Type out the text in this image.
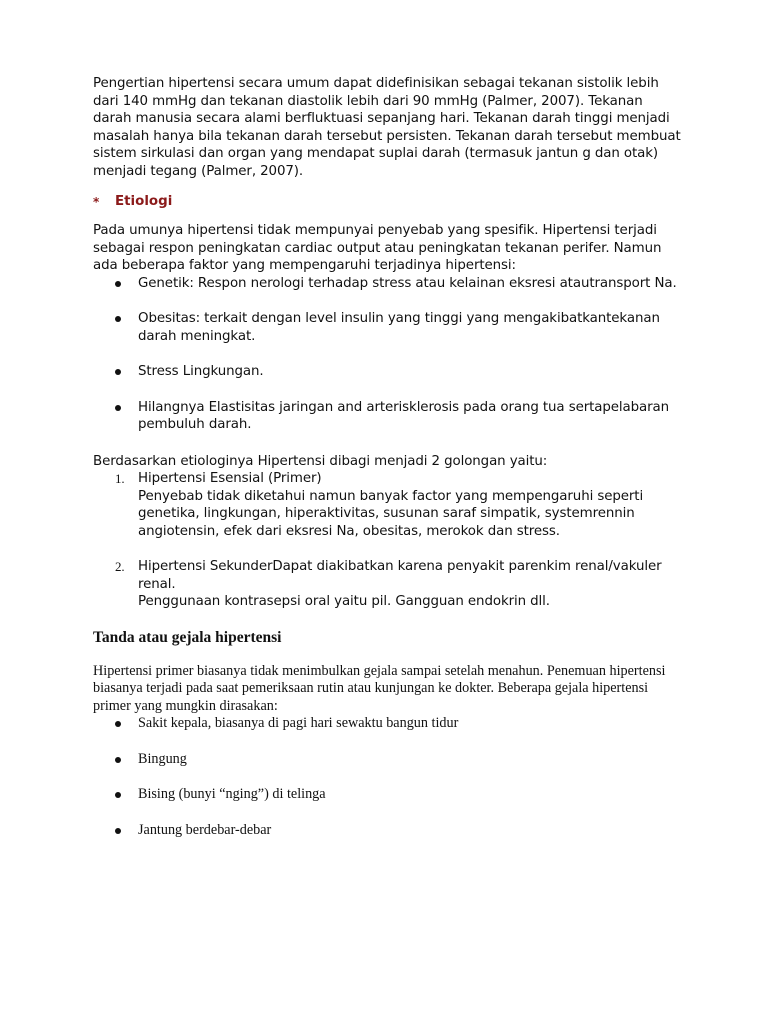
Pengertian hipertensi secara umum dapat didefinisikan sebagai tekanan sistolik lebih dari 140 mmHg dan tekanan diastolik lebih dari 90 mmHg (Palmer, 2007). Tekanan darah manusia secara alami berfluktuasi sepanjang hari. Tekanan darah tinggi menjadi masalah hanya bila tekanan darah tersebut persisten. Tekanan darah tersebut membuat sistem sirkulasi dan organ yang mendapat suplai darah (termasuk jantun g dan otak) menjadi tegang (Palmer, 2007).

*	Etiologi

Pada umunya hipertensi tidak mempunyai penyebab yang spesifik. Hipertensi terjadi sebagai respon peningkatan cardiac output atau peningkatan tekanan perifer. Namun ada beberapa faktor yang mempengaruhi terjadinya hipertensi:

Genetik: Respon nerologi terhadap stress atau kelainan eksresi atautransport Na.
Obesitas: terkait dengan level insulin yang tinggi yang mengakibatkantekanan darah meningkat.
Stress Lingkungan.
Hilangnya Elastisitas jaringan and arterisklerosis pada orang tua sertapelabaran pembuluh darah.

Berdasarkan etiologinya Hipertensi dibagi menjadi 2 golongan yaitu:

1. Hipertensi Esensial (Primer)
Penyebab tidak diketahui namun banyak factor yang mempengaruhi seperti genetika, lingkungan, hiperaktivitas, susunan saraf simpatik, systemrennin angiotensin, efek dari eksresi Na, obesitas, merokok dan stress.
2. Hipertensi SekunderDapat diakibatkan karena penyakit parenkim renal/vakuler renal.
Penggunaan kontrasepsi oral yaitu pil. Gangguan endokrin dll.
Tanda atau gejala hipertensi

Hipertensi primer biasanya tidak menimbulkan gejala sampai setelah menahun. Penemuan hipertensi biasanya terjadi pada saat pemeriksaan rutin atau kunjungan ke dokter. Beberapa gejala hipertensi primer yang mungkin dirasakan:

Sakit kepala, biasanya di pagi hari sewaktu bangun tidur
Bingung
Bising (bunyi “nging”) di telinga
Jantung berdebar-debar
